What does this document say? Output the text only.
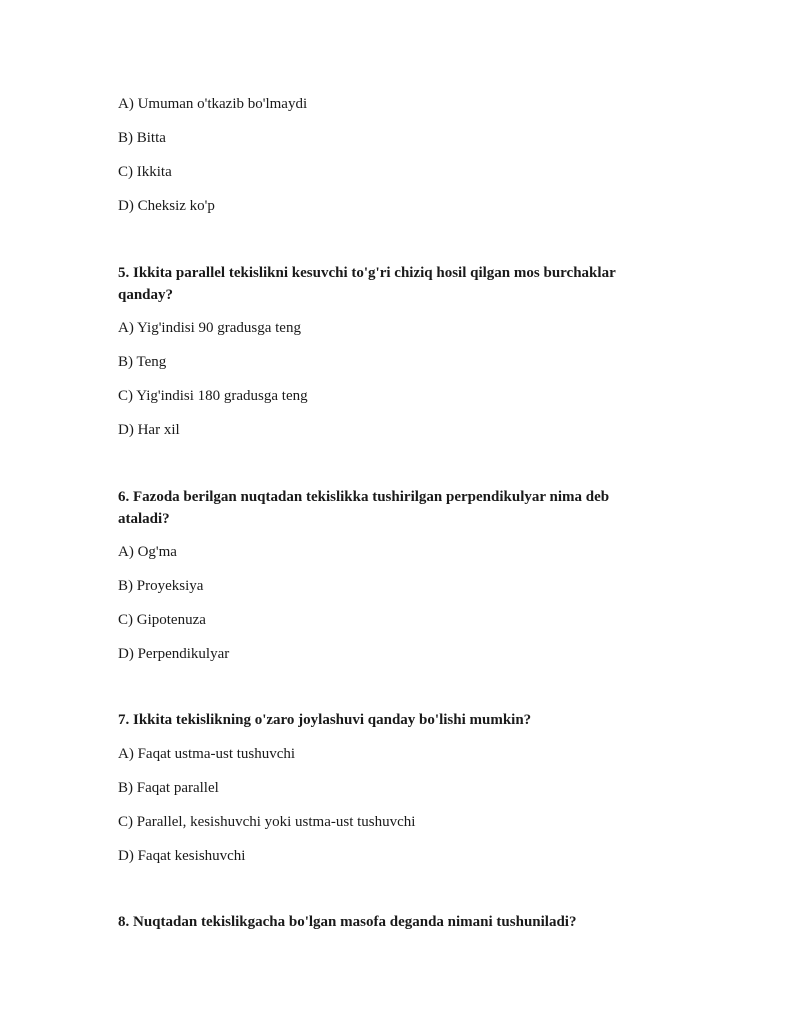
A) Umuman o'tkazib bo'lmaydi
B) Bitta
C) Ikkita
D) Cheksiz ko'p
5. Ikkita parallel tekislikni kesuvchi to'g'ri chiziq hosil qilgan mos burchaklar qanday?
A) Yig'indisi 90 gradusga teng
B) Teng
C) Yig'indisi 180 gradusga teng
D) Har xil
6. Fazoda berilgan nuqtadan tekislikka tushirilgan perpendikulyar nima deb ataladi?
A) Og'ma
B) Proyeksiya
C) Gipotenuza
D) Perpendikulyar
7. Ikkita tekislikning o'zaro joylashuvi qanday bo'lishi mumkin?
A) Faqat ustma-ust tushuvchi
B) Faqat parallel
C) Parallel, kesishuvchi yoki ustma-ust tushuvchi
D) Faqat kesishuvchi
8. Nuqtadan tekislikgacha bo'lgan masofa deganda nimani tushuniladi?
